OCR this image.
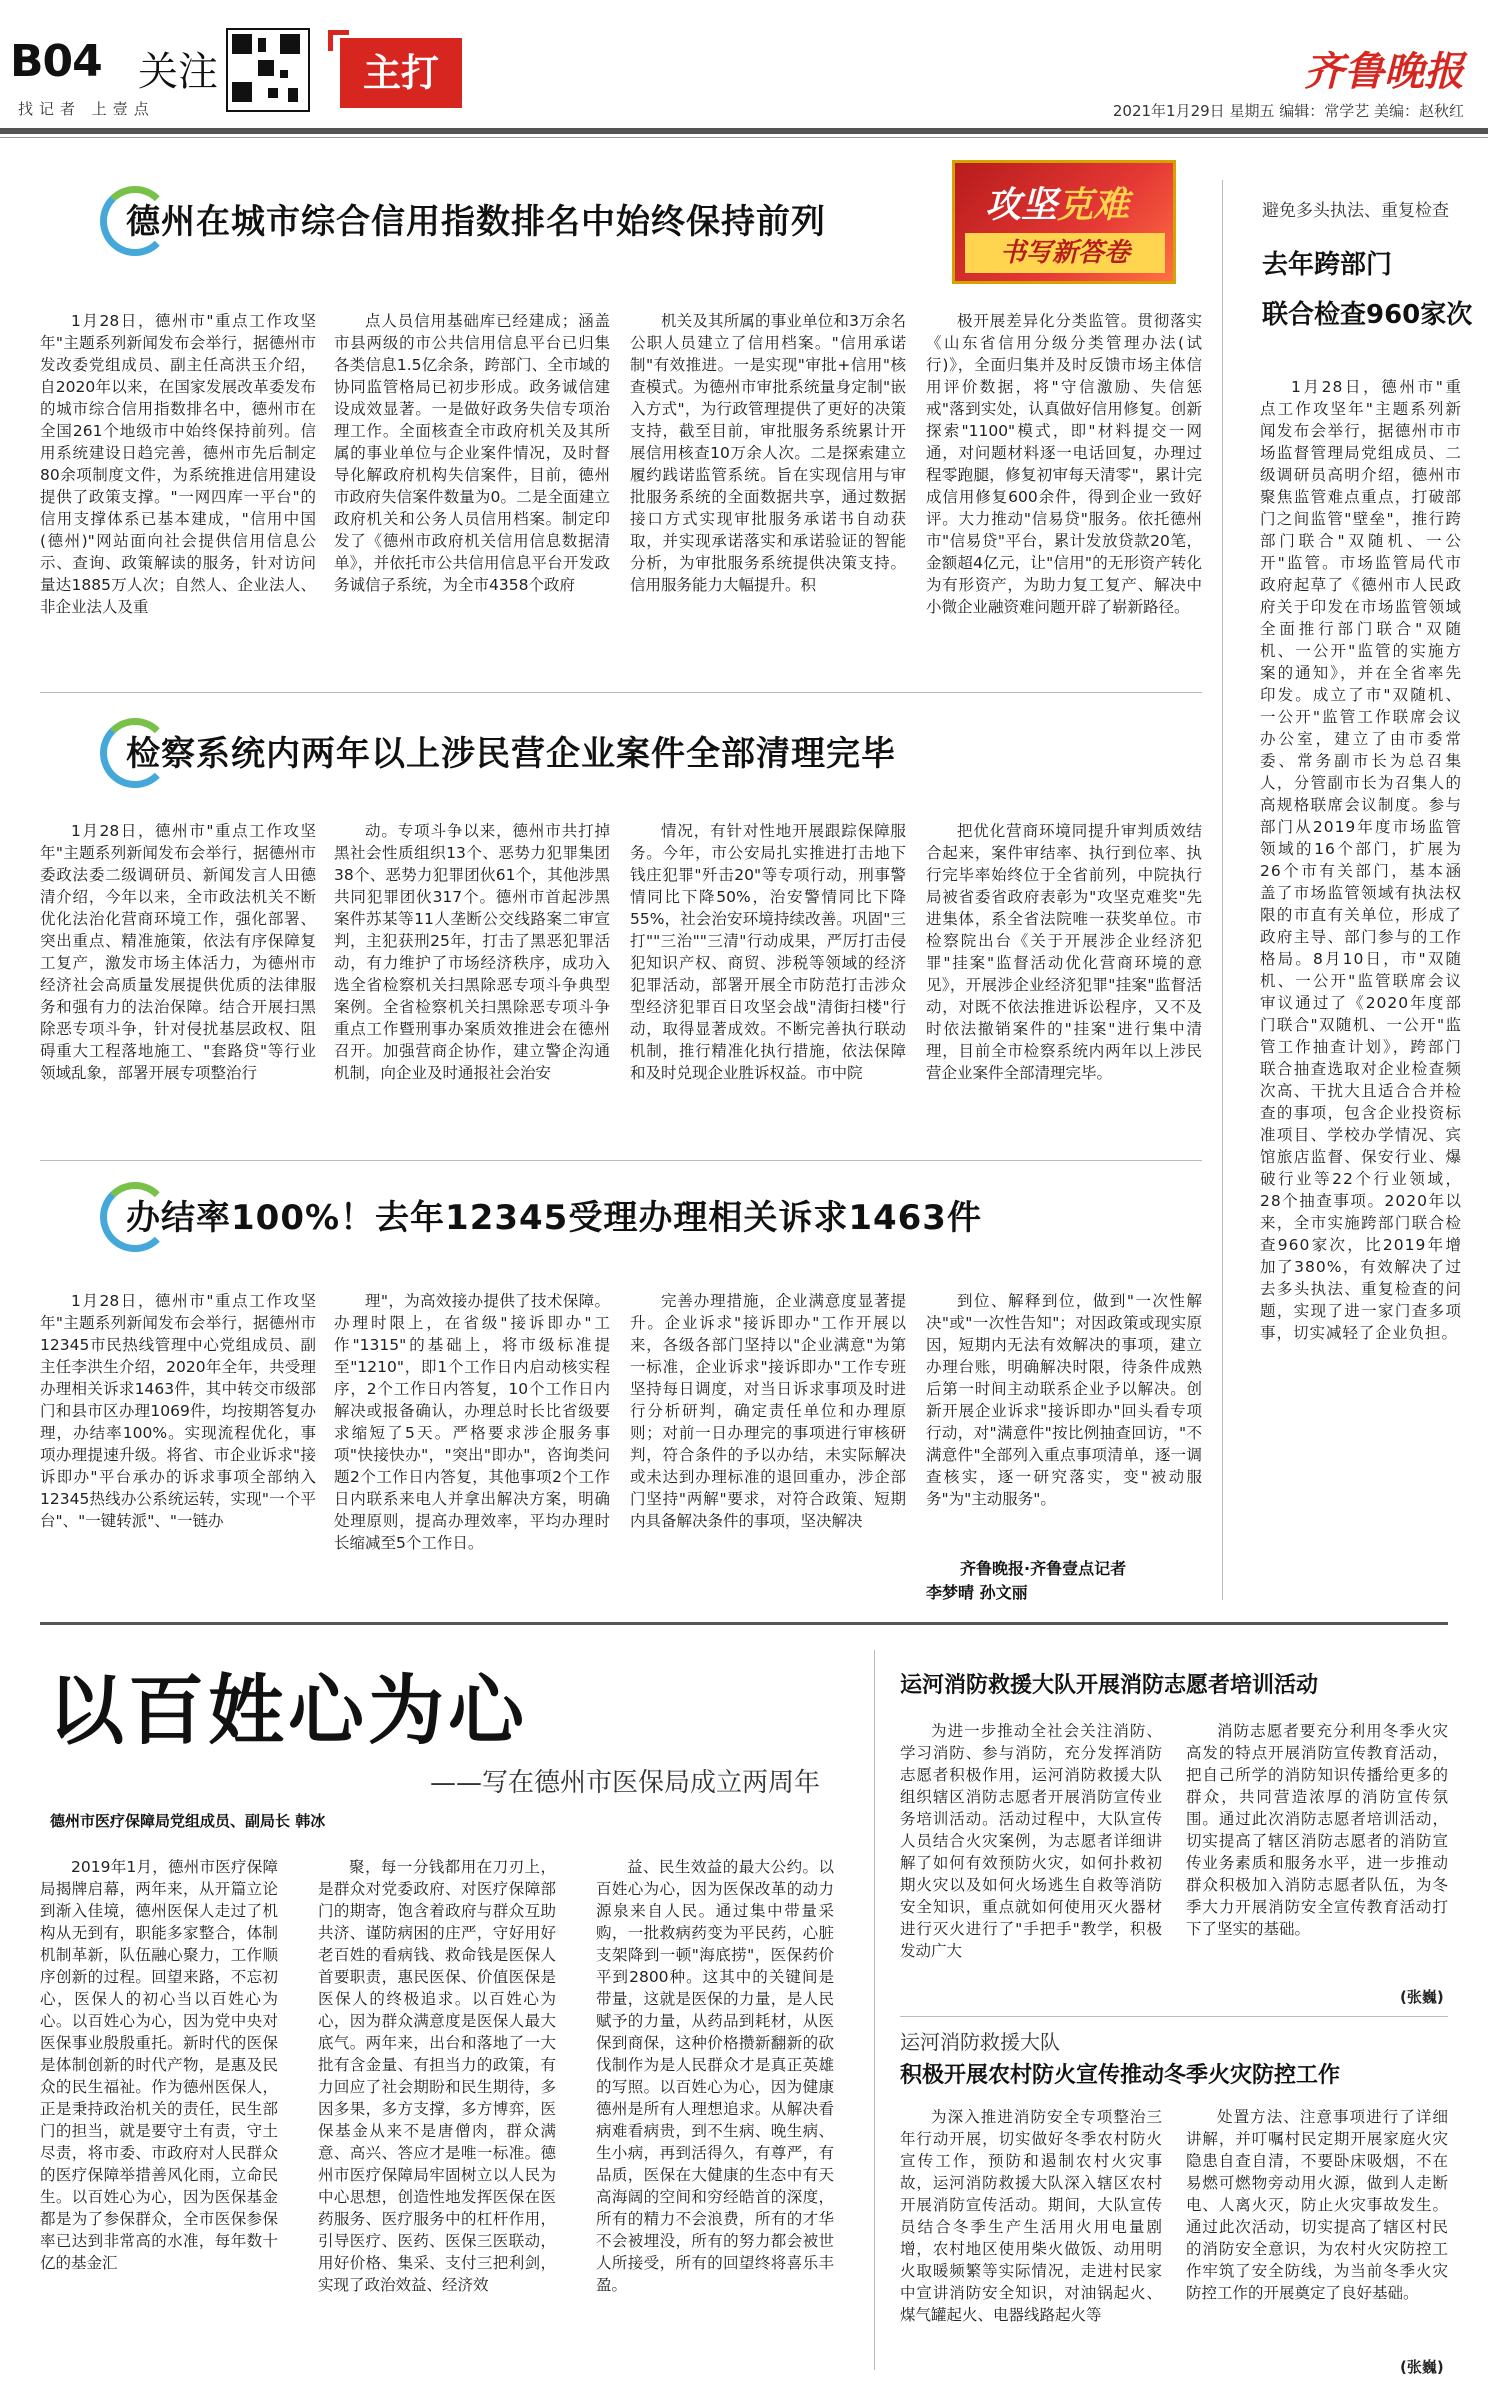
B04 关注
找记者 上壹点
主打	齐鲁晚报
2021年1月29日 星期五 编辑：常学艺 美编：赵秋红
德州在城市综合信用指数排名中始终保持前列	攻坚克难
书写新答卷

1月28日，德州市"重点工作攻坚年"主题系列新闻发布会举行，据德州市发改委党组成员、副主任高洪玉介绍，自2020年以来，在国家发展改革委发布的城市综合信用指数排名中，德州市在全国261个地级市中始终保持前列。信用系统建设日趋完善，德州市先后制定80余项制度文件，为系统推进信用建设提供了政策支撑。"一网四库一平台"的信用支撑体系已基本建成，"信用中国(德州)"网站面向社会提供信用信息公示、查询、政策解读的服务，针对访问量达1885万人次；自然人、企业法人、非企业法人及重

点人员信用基础库已经建成；涵盖市县两级的市公共信用信息平台已归集各类信息1.5亿余条，跨部门、全市域的协同监管格局已初步形成。政务诚信建设成效显著。一是做好政务失信专项治理工作。全面核查全市政府机关及其所属的事业单位与企业案件情况，及时督导化解政府机构失信案件，目前，德州市政府失信案件数量为0。二是全面建立政府机关和公务人员信用档案。制定印发了《德州市政府机关信用信息数据清单》，并依托市公共信用信息平台开发政务诚信子系统，为全市4358个政府

机关及其所属的事业单位和3万余名公职人员建立了信用档案。"信用承诺制"有效推进。一是实现"审批+信用"核查模式。为德州市审批系统量身定制"嵌入方式"，为行政管理提供了更好的决策支持，截至目前，审批服务系统累计开展信用核查10万余人次。二是探索建立履约践诺监管系统。旨在实现信用与审批服务系统的全面数据共享，通过数据接口方式实现审批服务承诺书自动获取，并实现承诺落实和承诺验证的智能分析，为审批服务系统提供决策支持。信用服务能力大幅提升。积

极开展差异化分类监管。贯彻落实《山东省信用分级分类管理办法(试行)》，全面归集并及时反馈市场主体信用评价数据，将"守信激励、失信惩戒"落到实处，认真做好信用修复。创新探索"1100"模式，即"材料提交一网通，对问题材料逐一电话回复，办理过程零跑腿，修复初审每天清零"，累计完成信用修复600余件，得到企业一致好评。大力推动"信易贷"服务。依托德州市"信易贷"平台，累计发放贷款20笔，金额超4亿元，让"信用"的无形资产转化为有形资产，为助力复工复产、解决中小微企业融资难问题开辟了崭新路径。

检察系统内两年以上涉民营企业案件全部清理完毕

1月28日，德州市"重点工作攻坚年"主题系列新闻发布会举行，据德州市委政法委二级调研员、新闻发言人田德清介绍，今年以来，全市政法机关不断优化法治化营商环境工作，强化部署、突出重点、精准施策，依法有序保障复工复产，激发市场主体活力，为德州市经济社会高质量发展提供优质的法律服务和强有力的法治保障。结合开展扫黑除恶专项斗争，针对侵扰基层政权、阻碍重大工程落地施工、"套路贷"等行业领域乱象，部署开展专项整治行

动。专项斗争以来，德州市共打掉黑社会性质组织13个、恶势力犯罪集团38个、恶势力犯罪团伙61个，其他涉黑共同犯罪团伙317个。德州市首起涉黑案件苏某等11人垄断公交线路案二审宣判，主犯获刑25年，打击了黑恶犯罪活动，有力维护了市场经济秩序，成功入选全省检察机关扫黑除恶专项斗争典型案例。全省检察机关扫黑除恶专项斗争重点工作暨刑事办案质效推进会在德州召开。加强营商企协作，建立警企沟通机制，向企业及时通报社会治安

情况，有针对性地开展跟踪保障服务。今年，市公安局扎实推进打击地下钱庄犯罪"歼击20"等专项行动，刑事警情同比下降50%，治安警情同比下降55%，社会治安环境持续改善。巩固"三打""三治""三清"行动成果，严厉打击侵犯知识产权、商贸、涉税等领域的经济犯罪活动，部署开展全市防范打击涉众型经济犯罪百日攻坚会战"清街扫楼"行动，取得显著成效。不断完善执行联动机制，推行精准化执行措施，依法保障和及时兑现企业胜诉权益。市中院

把优化营商环境同提升审判质效结合起来，案件审结率、执行到位率、执行完毕率始终位于全省前列，中院执行局被省委省政府表彰为"攻坚克难奖"先进集体，系全省法院唯一获奖单位。市检察院出台《关于开展涉企业经济犯罪"挂案"监督活动优化营商环境的意见》，开展涉企业经济犯罪"挂案"监督活动，对既不依法推进诉讼程序，又不及时依法撤销案件的"挂案"进行集中清理，目前全市检察系统内两年以上涉民营企业案件全部清理完毕。

办结率100%！去年12345受理办理相关诉求1463件

1月28日，德州市"重点工作攻坚年"主题系列新闻发布会举行，据德州市12345市民热线管理中心党组成员、副主任李洪生介绍，2020年全年，共受理办理相关诉求1463件，其中转交市级部门和县市区办理1069件，均按期答复办理，办结率100%。实现流程优化，事项办理提速升级。将省、市企业诉求"接诉即办"平台承办的诉求事项全部纳入12345热线办公系统运转，实现"一个平台"、"一键转派"、"一链办

理"，为高效接办提供了技术保障。办理时限上，在省级"接诉即办"工作"1315"的基础上，将市级标准提至"1210"，即1个工作日内启动核实程序，2个工作日内答复，10个工作日内解决或报备确认，办理总时长比省级要求缩短了5天。严格要求涉企服务事项"快接快办"，"突出"即办"，咨询类问题2个工作日内答复，其他事项2个工作日内联系来电人并拿出解决方案，明确处理原则，提高办理效率，平均办理时长缩减至5个工作日。

完善办理措施，企业满意度显著提升。企业诉求"接诉即办"工作开展以来，各级各部门坚持以"企业满意"为第一标准，企业诉求"接诉即办"工作专班坚持每日调度，对当日诉求事项及时进行分析研判，确定责任单位和办理原则；对前一日办理完的事项进行审核研判，符合条件的予以办结，未实际解决或未达到办理标准的退回重办，涉企部门坚持"两解"要求，对符合政策、短期内具备解决条件的事项，坚决解决

到位、解释到位，做到"一次性解决"或"一次性告知"；对因政策或现实原因，短期内无法有效解决的事项，建立办理台账，明确解决时限，待条件成熟后第一时间主动联系企业予以解决。创新开展企业诉求"接诉即办"回头看专项行动，对"满意件"按比例抽查回访，"不满意件"全部列入重点事项清单，逐一调查核实，逐一研究落实，变"被动服务"为"主动服务"。

齐鲁晚报·齐鲁壹点记者
李梦晴 孙文丽
避免多头执法、重复检查
去年跨部门
联合检查960家次

1月28日，德州市"重点工作攻坚年"主题系列新闻发布会举行，据德州市市场监督管理局党组成员、二级调研员高明介绍，德州市聚焦监管难点重点，打破部门之间监管"壁垒"，推行跨部门联合"双随机、一公开"监管。市场监管局代市政府起草了《德州市人民政府关于印发在市场监管领域全面推行部门联合"双随机、一公开"监管的实施方案的通知》，并在全省率先印发。成立了市"双随机、一公开"监管工作联席会议办公室，建立了由市委常委、常务副市长为总召集人，分管副市长为召集人的高规格联席会议制度。参与部门从2019年度市场监管领域的16个部门，扩展为26个市有关部门，基本涵盖了市场监管领域有执法权限的市直有关单位，形成了政府主导、部门参与的工作格局。8月10日，市"双随机、一公开"监管联席会议审议通过了《2020年度部门联合"双随机、一公开"监管工作抽查计划》，跨部门联合抽查选取对企业检查频次高、干扰大且适合合并检查的事项，包含企业投资标准项目、学校办学情况、宾馆旅店监督、保安行业、爆破行业等22个行业领域，28个抽查事项。2020年以来，全市实施跨部门联合检查960家次，比2019年增加了380%，有效解决了过去多头执法、重复检查的问题，实现了进一家门查多项事，切实减轻了企业负担。

以百姓心为心
——写在德州市医保局成立两周年
德州市医疗保障局党组成员、副局长 韩冰

2019年1月，德州市医疗保障局揭牌启幕，两年来，从开篇立论到渐入佳境，德州医保人走过了机构从无到有，职能多家整合，体制机制革新，队伍融心聚力，工作顺序创新的过程。回望来路，不忘初心，医保人的初心当以百姓心为心。以百姓心为心，因为党中央对医保事业殷殷重托。新时代的医保是体制创新的时代产物，是惠及民众的民生福祉。作为德州医保人，正是秉持政治机关的责任，民生部门的担当，就是要守土有责，守土尽责，将市委、市政府对人民群众的医疗保障举措善风化雨，立命民生。以百姓心为心，因为医保基金都是为了参保群众，全市医保参保率已达到非常高的水准，每年数十亿的基金汇

聚，每一分钱都用在刀刃上，是群众对党委政府、对医疗保障部门的期寄，饱含着政府与群众互助共济、谨防病困的庄严，守好用好老百姓的看病钱、救命钱是医保人首要职责，惠民医保、价值医保是医保人的终极追求。以百姓心为心，因为群众满意度是医保人最大底气。两年来，出台和落地了一大批有含金量、有担当力的政策，有力回应了社会期盼和民生期待，多因多果，多方支撑，多方博弈，医保基金从来不是唐僧肉，群众满意、高兴、答应才是唯一标准。德州市医疗保障局牢固树立以人民为中心思想，创造性地发挥医保在医药服务、医疗服务中的杠杆作用，引导医疗、医药、医保三医联动，用好价格、集采、支付三把利剑，实现了政治效益、经济效

益、民生效益的最大公约。以百姓心为心，因为医保改革的动力源泉来自人民。通过集中带量采购，一批救病药变为平民药，心脏支架降到一顿"海底捞"，医保药价平到2800种。这其中的关键间是带量，这就是医保的力量，是人民赋予的力量，从药品到耗材，从医保到商保，这种价格攒新翻新的砍伐制作为是人民群众才是真正英雄的写照。以百姓心为心，因为健康德州是所有人理想追求。从解决看病难看病贵，到不生病、晚生病、生小病，再到活得久，有尊严，有品质，医保在大健康的生态中有天高海阔的空间和穷经皓首的深度，所有的精力不会浪费，所有的才华不会被埋没，所有的努力都会被世人所接受，所有的回望终将喜乐丰盈。

运河消防救援大队开展消防志愿者培训活动

为进一步推动全社会关注消防、学习消防、参与消防，充分发挥消防志愿者积极作用，运河消防救援大队组织辖区消防志愿者开展消防宣传业务培训活动。活动过程中，大队宣传人员结合火灾案例，为志愿者详细讲解了如何有效预防火灾，如何扑救初期火灾以及如何火场逃生自救等消防安全知识，重点就如何使用灭火器材进行灭火进行了"手把手"教学，积极发动广大

消防志愿者要充分利用冬季火灾高发的特点开展消防宣传教育活动，把自己所学的消防知识传播给更多的群众，共同营造浓厚的消防宣传氛围。通过此次消防志愿者培训活动，切实提高了辖区消防志愿者的消防宣传业务素质和服务水平，进一步推动群众积极加入消防志愿者队伍，为冬季大力开展消防安全宣传教育活动打下了坚实的基础。

(张巍)
运河消防救援大队
积极开展农村防火宣传推动冬季火灾防控工作

为深入推进消防安全专项整治三年行动开展，切实做好冬季农村防火宣传工作，预防和遏制农村火灾事故，运河消防救援大队深入辖区农村开展消防宣传活动。期间，大队宣传员结合冬季生产生活用火用电量剧增，农村地区使用柴火做饭、动用明火取暖频繁等实际情况，走进村民家中宣讲消防安全知识，对油锅起火、煤气罐起火、电器线路起火等

处置方法、注意事项进行了详细讲解，并叮嘱村民定期开展家庭火灾隐患自查自清，不要卧床吸烟，不在易燃可燃物旁动用火源，做到人走断电、人离火灭，防止火灾事故发生。通过此次活动，切实提高了辖区村民的消防安全意识，为农村火灾防控工作牢筑了安全防线，为当前冬季火灾防控工作的开展奠定了良好基础。

(张巍)
